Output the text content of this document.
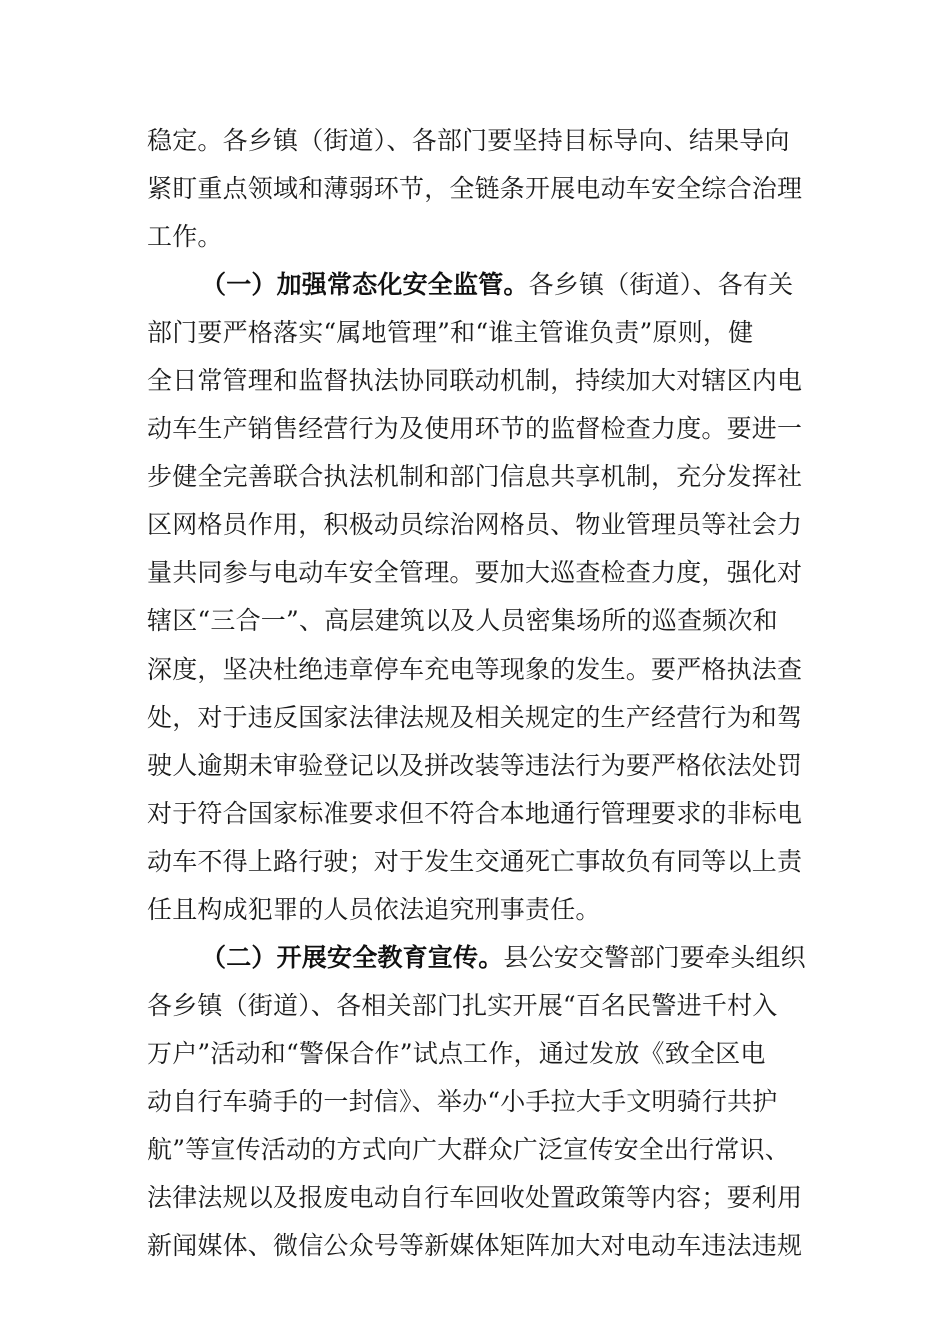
稳定。各乡镇（街道）、各部门要坚持目标导向、结果导向
紧盯重点领域和薄弱环节，全链条开展电动车安全综合治理
工作。
（一）加强常态化安全监管。各乡镇（街道）、各有关
部门要严格落实“属地管理”和“谁主管谁负责”原则，健
全日常管理和监督执法协同联动机制，持续加大对辖区内电
动车生产销售经营行为及使用环节的监督检查力度。要进一
步健全完善联合执法机制和部门信息共享机制，充分发挥社
区网格员作用，积极动员综治网格员、物业管理员等社会力
量共同参与电动车安全管理。要加大巡查检查力度，强化对
辖区“三合一”、高层建筑以及人员密集场所的巡查频次和
深度，坚决杜绝违章停车充电等现象的发生。要严格执法查
处，对于违反国家法律法规及相关规定的生产经营行为和驾
驶人逾期未审验登记以及拼改装等违法行为要严格依法处罚
对于符合国家标准要求但不符合本地通行管理要求的非标电
动车不得上路行驶；对于发生交通死亡事故负有同等以上责
任且构成犯罪的人员依法追究刑事责任。
（二）开展安全教育宣传。县公安交警部门要牵头组织
各乡镇（街道）、各相关部门扎实开展“百名民警进千村入
万户”活动和“警保合作”试点工作，通过发放《致全区电
动自行车骑手的一封信》、举办“小手拉大手文明骑行共护
航”等宣传活动的方式向广大群众广泛宣传安全出行常识、
法律法规以及报废电动自行车回收处置政策等内容；要利用
新闻媒体、微信公众号等新媒体矩阵加大对电动车违法违规
